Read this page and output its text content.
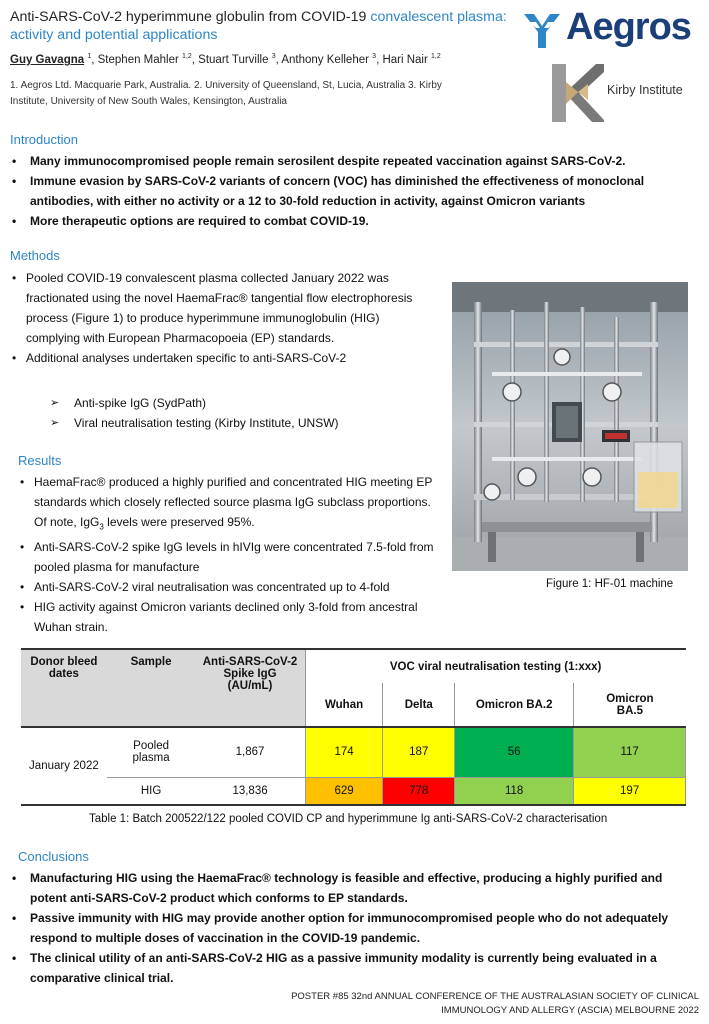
Anti-SARS-CoV-2 hyperimmune globulin from COVID-19 convalescent plasma: activity and potential applications
Guy Gavagna $^1$, Stephen Mahler $^{1,2}$, Stuart Turville $^3$, Anthony Kelleher $^3$, Hari Nair $^{1,2}$
1. Aegros Ltd. Macquarie Park, Australia. 2. University of Queensland, St, Lucia, Australia 3. Kirby Institute, University of New South Wales, Kensington, Australia
Aegros
Kirby Institute
Introduction
• Many immunocompromised people remain serosilent despite repeated vaccination against SARS-CoV-2.
• Immune evasion by SARS-CoV-2 variants of concern (VOC) has diminished the effectiveness of monoclonal antibodies, with either no activity or a 12 to 30-fold reduction in activity, against Omicron variants
• More therapeutic options are required to combat COVID-19.
Methods
• Pooled COVID-19 convalescent plasma collected January 2022 was fractionated using the novel HaemaFrac® tangential flow electrophoresis process (Figure 1) to produce hyperimmune immunoglobulin (HIG) complying with European Pharmacopoeia (EP) standards.
• Additional analyses undertaken specific to anti-SARS-CoV-2
➢ Anti-spike IgG (SydPath)
➢ Viral neutralisation testing (Kirby Institute, UNSW)
Results
• HaemaFrac® produced a highly purified and concentrated HIG meeting EP standards which closely reflected source plasma IgG subclass proportions. Of note, IgG$_3$ levels were preserved 95%.
• Anti-SARS-CoV-2 spike IgG levels in hIVIg were concentrated 7.5-fold from pooled plasma for manufacture
• Anti-SARS-CoV-2 viral neutralisation was concentrated up to 4-fold
• HIG activity against Omicron variants declined only 3-fold from ancestral Wuhan strain.
Figure 1: HF-01 machine
Donor bleed dates	Sample	Anti-SARS-CoV-2 Spike IgG (AU/mL)	VOC viral neutralisation testing (1:xxx)			
			Wuhan	Delta	Omicron BA.2	Omicron BA.5
January 2022	Pooled plasma	1,867	174	187	56	117
	HIG	13,836	629	778	118	197
Table 1: Batch 200522/122 pooled COVID CP and hyperimmune Ig anti-SARS-CoV-2 characterisation
Conclusions
• Manufacturing HIG using the HaemaFrac® technology is feasible and effective, producing a highly purified and potent anti-SARS-CoV-2 product which conforms to EP standards.
• Passive immunity with HIG may provide another option for immunocompromised people who do not adequately respond to multiple doses of vaccination in the COVID-19 pandemic.
• The clinical utility of an anti-SARS-CoV-2 HIG as a passive immunity modality is currently being evaluated in a comparative clinical trial.
POSTER #85 32nd ANNUAL CONFERENCE OF THE AUSTRALASIAN SOCIETY OF CLINICAL IMMUNOLOGY AND ALLERGY (ASCIA) MELBOURNE 2022
